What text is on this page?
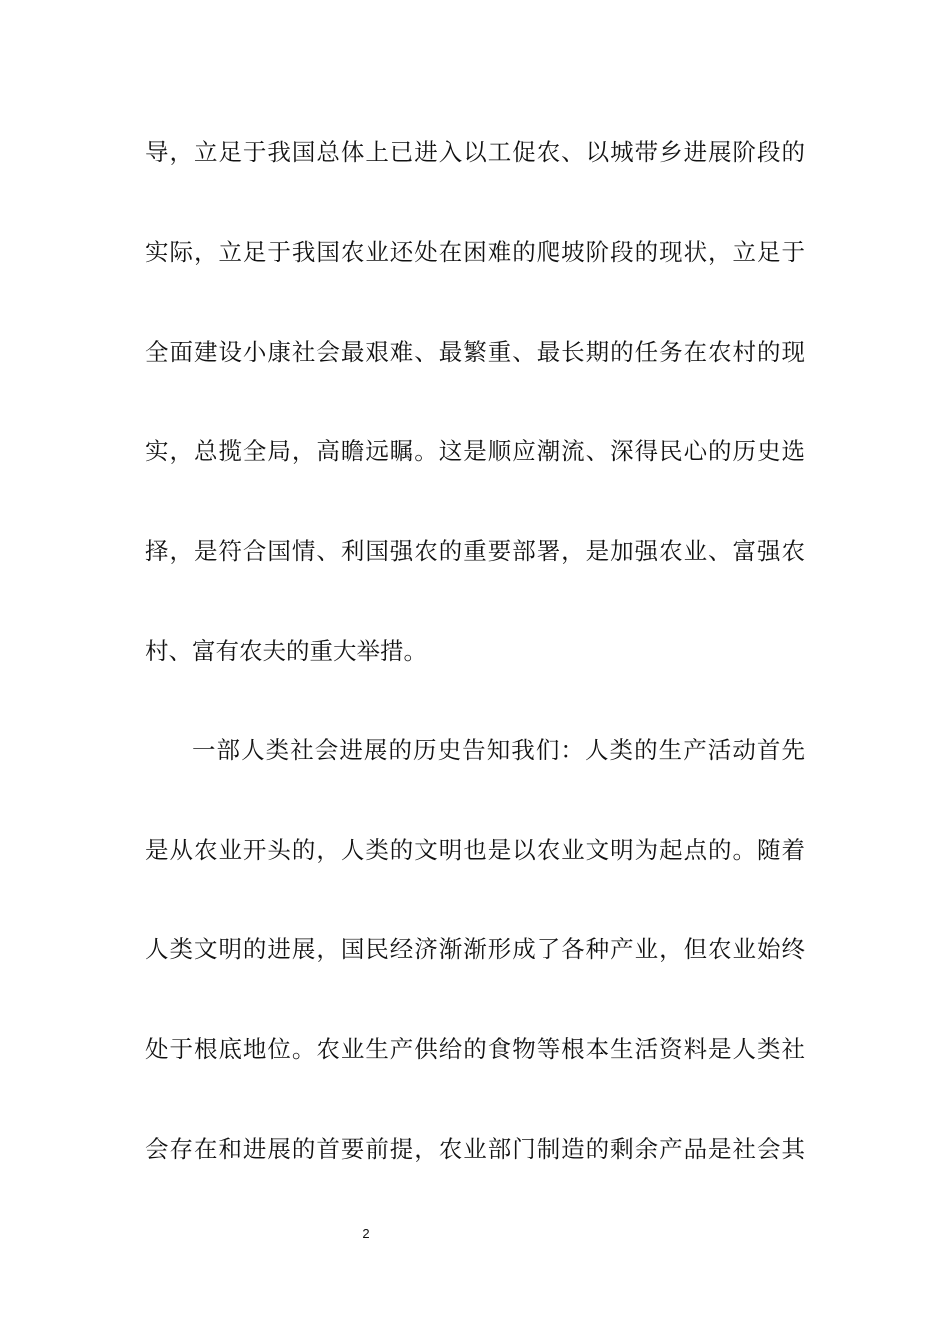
导，立足于我国总体上已进入以工促农、以城带乡进展阶段的
实际，立足于我国农业还处在困难的爬坡阶段的现状，立足于
全面建设小康社会最艰难、最繁重、最长期的任务在农村的现
实，总揽全局，高瞻远瞩。这是顺应潮流、深得民心的历史选
择，是符合国情、利国强农的重要部署，是加强农业、富强农
村、富有农夫的重大举措。
一部人类社会进展的历史告知我们：人类的生产活动首先
是从农业开头的，人类的文明也是以农业文明为起点的。随着
人类文明的进展，国民经济渐渐形成了各种产业，但农业始终
处于根底地位。农业生产供给的食物等根本生活资料是人类社
会存在和进展的首要前提，农业部门制造的剩余产品是社会其
2
